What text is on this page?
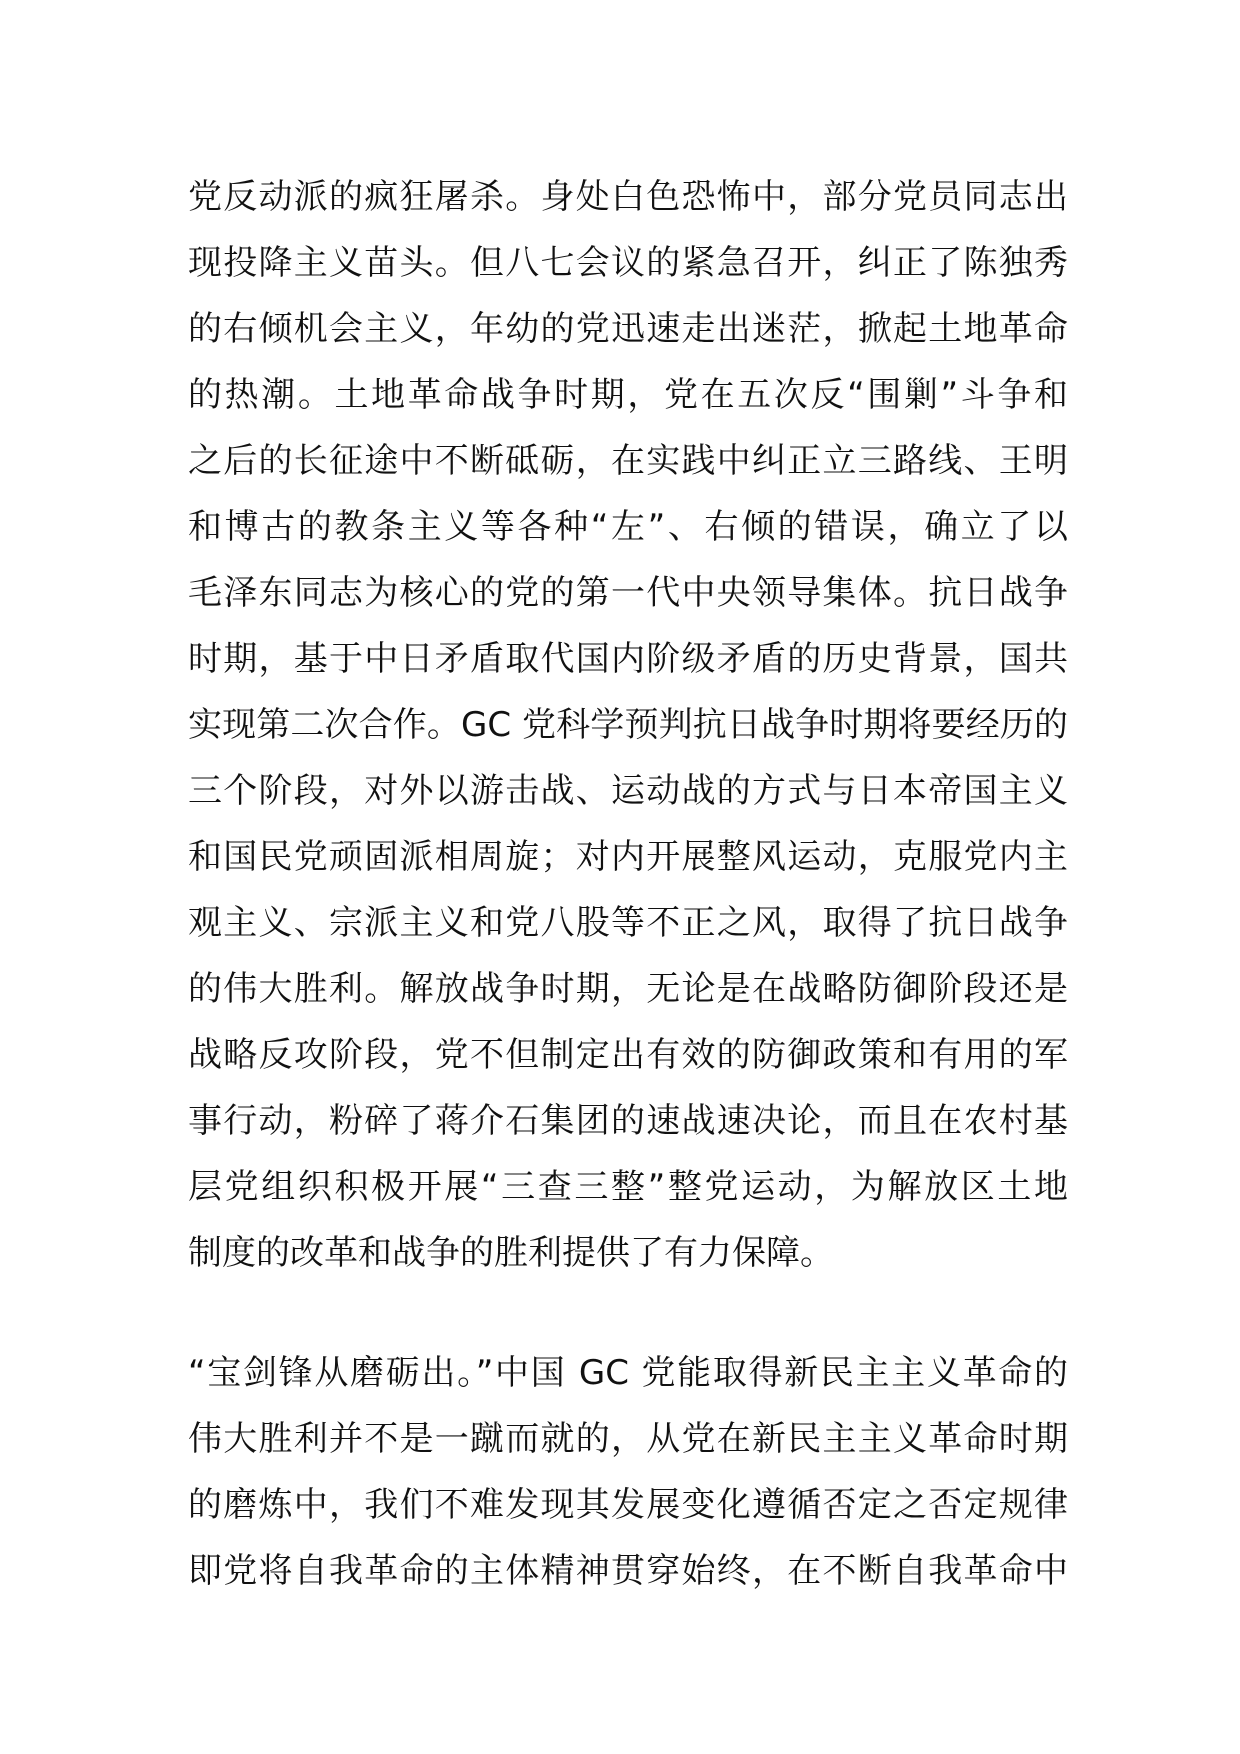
党反动派的疯狂屠杀。身处白色恐怖中，部分党员同志出
现投降主义苗头。但八七会议的紧急召开，纠正了陈独秀
的右倾机会主义，年幼的党迅速走出迷茫，掀起土地革命
的热潮。土地革命战争时期，党在五次反“围剿”斗争和
之后的长征途中不断砥砺，在实践中纠正立三路线、王明
和博古的教条主义等各种“左”、右倾的错误，确立了以
毛泽东同志为核心的党的第一代中央领导集体。抗日战争
时期，基于中日矛盾取代国内阶级矛盾的历史背景，国共
实现第二次合作。GC 党科学预判抗日战争时期将要经历的
三个阶段，对外以游击战、运动战的方式与日本帝国主义
和国民党顽固派相周旋；对内开展整风运动，克服党内主
观主义、宗派主义和党八股等不正之风，取得了抗日战争
的伟大胜利。解放战争时期，无论是在战略防御阶段还是
战略反攻阶段，党不但制定出有效的防御政策和有用的军
事行动，粉碎了蒋介石集团的速战速决论，而且在农村基
层党组织积极开展“三查三整”整党运动，为解放区土地
制度的改革和战争的胜利提供了有力保障。
“宝剑锋从磨砺出。”中国 GC 党能取得新民主主义革命的
伟大胜利并不是一蹴而就的，从党在新民主主义革命时期
的磨炼中，我们不难发现其发展变化遵循否定之否定规律
即党将自我革命的主体精神贯穿始终，在不断自我革命中
